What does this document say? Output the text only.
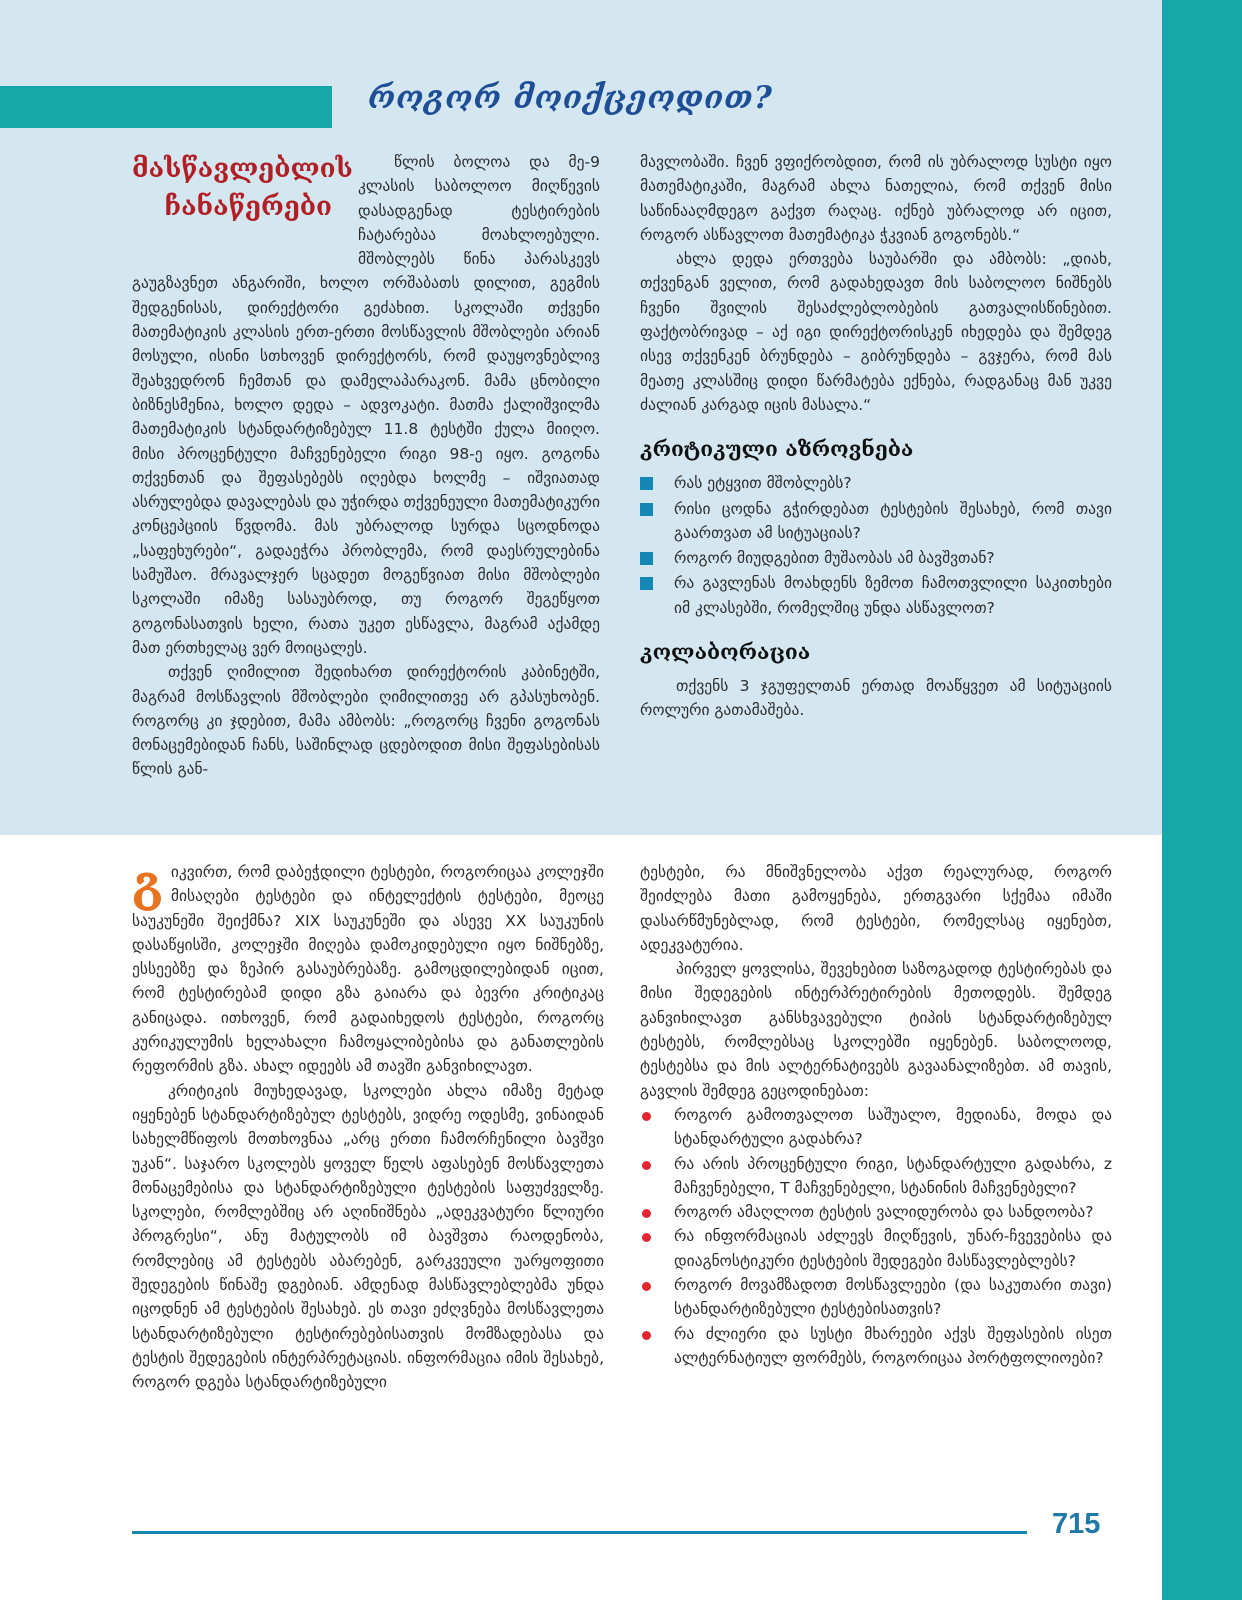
როგორ მოიქცეოდით?

წლის ბოლოა და მე-9 კლასის საბოლოო მიღწევის დასადგენად ტესტირების ჩატარებაა მოახლოებული. მშობლებს წინა პარასკევს გაუგზავნეთ ანგარიში, ხოლო ორშაბათს დილით, გეგმის შედგენისას, დირექტორი გეძახით. სკოლაში თქვენი მათემატიკის კლასის ერთ-ერთი მოსწავლის მშობლები არიან მოსული, ისინი სთხოვენ დირექტორს, რომ დაუყოვნებლივ შეახვედრონ ჩემთან და დამელაპარაკონ. მამა ცნობილი ბიზნესმენია, ხოლო დედა – ადვოკატი. მათმა ქალიშვილმა მათემატიკის სტანდარტიზებულ 11.8 ტესტში ქულა მიიღო. მისი პროცენტული მაჩვენებელი რიგი 98-ე იყო. გოგონა თქვენთან და შეფასებებს იღებდა ხოლმე – იშვიათად ასრულებდა დავალებას და უჭირდა თქვენეული მათემატიკური კონცეპციის წვდომა. მას უბრალოდ სურდა სცოდნოდა „საფეხურები“, გადაეჭრა პრობლემა, რომ დაესრულებინა სამუშაო. მრავალჯერ სცადეთ მოგეწვიათ მისი მშობლები სკოლაში იმაზე სასაუბროდ, თუ როგორ შეგეწყოთ გოგონასათვის ხელი, რათა უკეთ ესწავლა, მაგრამ აქამდე მათ ერთხელაც ვერ მოიცალეს.

თქვენ ღიმილით შედიხართ დირექტორის კაბინეტში, მაგრამ მოსწავლის მშობლები ღიმილითვე არ გპასუხობენ. როგორც კი ჯდებით, მამა ამბობს: „როგორც ჩვენი გოგონას მონაცემებიდან ჩანს, საშინლად ცდებოდით მისი შეფასებისას წლის გან-

მასწავლებლის
ჩანაწერები

მავლობაში. ჩვენ ვფიქრობდით, რომ ის უბრალოდ სუსტი იყო მათემატიკაში, მაგრამ ახლა ნათელია, რომ თქვენ მისი საწინააღმდეგო გაქვთ რაღაც. იქნებ უბრალოდ არ იცით, როგორ ასწავლოთ მათემატიკა ჭკვიან გოგონებს.“

ახლა დედა ერთვება საუბარში და ამბობს: „დიახ, თქვენგან ველით, რომ გადახედავთ მის საბოლოო ნიშნებს ჩვენი შვილის შესაძლებლობების გათვალისწინებით. ფაქტობრივად – აქ იგი დირექტორისკენ იხედება და შემდეგ ისევ თქვენკენ ბრუნდება – გიბრუნდება – გვჯერა, რომ მას მეათე კლასშიც დიდი წარმატება ექნება, რადგანაც მან უკვე ძალიან კარგად იცის მასალა.“

კრიტიკული აზროვნება
რას ეტყვით მშობლებს?
რისი ცოდნა გჭირდებათ ტესტების შესახებ, რომ თავი გაართვათ ამ სიტუაციას?
როგორ მიუდგებით მუშაობას ამ ბავშვთან?
რა გავლენას მოახდენს ზემოთ ჩამოთვლილი საკითხები იმ კლასებში, რომელშიც უნდა ასწავლოთ?
კოლაბორაცია

თქვენს 3 ჯგუფელთან ერთად მოაწყვეთ ამ სიტუაციის როლური გათამაშება.

გ იკვირთ, რომ დაბეჭდილი ტესტები, როგორიცაა კოლეჯში მისაღები ტესტები და ინტელექტის ტესტები, მეოცე საუკუნეში შეიქმნა? XIX საუკუნეში და ასევე XX საუკუნის დასაწყისში, კოლეჯში მიღება დამოკიდებული იყო ნიშნებზე, ესსეებზე და ზეპირ გასაუბრებაზე. გამოცდილებიდან იცით, რომ ტესტირებამ დიდი გზა გაიარა და ბევრი კრიტიკაც განიცადა. ითხოვენ, რომ გადაიხედოს ტესტები, როგორც კურიკულუმის ხელახალი ჩამოყალიბებისა და განათლების რეფორმის გზა. ახალ იდეებს ამ თავში განვიხილავთ.

კრიტიკის მიუხედავად, სკოლები ახლა იმაზე მეტად იყენებენ სტანდარტიზებულ ტესტებს, ვიდრე ოდესმე, ვინაიდან სახელმწიფოს მოთხოვნაა „არც ერთი ჩამორჩენილი ბავშვი უკან“. საჯარო სკოლებს ყოველ წელს აფასებენ მოსწავლეთა მონაცემებისა და სტანდარტიზებული ტესტების საფუძველზე. სკოლები, რომლებშიც არ აღინიშნება „ადეკვატური წლიური პროგრესი“, ანუ მატულობს იმ ბავშვთა რაოდენობა, რომლებიც ამ ტესტებს აბარებენ, გარკვეული უარყოფითი შედეგების წინაშე დგებიან. ამდენად მასწავლებლებმა უნდა იცოდნენ ამ ტესტების შესახებ. ეს თავი ეძღვნება მოსწავლეთა სტანდარტიზებული ტესტირებებისათვის მომზადებასა და ტესტის შედეგების ინტერპრეტაციას. ინფორმაცია იმის შესახებ, როგორ დგება სტანდარტიზებული

ტესტები, რა მნიშვნელობა აქვთ რეალურად, როგორ შეიძლება მათი გამოყენება, ერთგვარი სქემაა იმაში დასარწმუნებლად, რომ ტესტები, რომელსაც იყენებთ, ადეკვატურია.

პირველ ყოვლისა, შევეხებით საზოგადოდ ტესტირებას და მისი შედეგების ინტერპრეტირების მეთოდებს. შემდეგ განვიხილავთ განსხვავებული ტიპის სტანდარტიზებულ ტესტებს, რომლებსაც სკოლებში იყენებენ. საბოლოოდ, ტესტებსა და მის ალტერნატივებს გავაანალიზებთ. ამ თავის, გავლის შემდეგ გეცოდინებათ:

როგორ გამოთვალოთ საშუალო, მედიანა, მოდა და სტანდარტული გადახრა?
რა არის პროცენტული რიგი, სტანდარტული გადახრა, z მაჩვენებელი, T მაჩვენებელი, სტანინის მაჩვენებელი?
როგორ ამაღლოთ ტესტის ვალიდურობა და სანდოობა?
რა ინფორმაციას აძლევს მიღწევის, უნარ-ჩვევებისა და დიაგნოსტიკური ტესტების შედეგები მასწავლებლებს?
როგორ მოვამზადოთ მოსწავლეები (და საკუთარი თავი) სტანდარტიზებული ტესტებისათვის?
რა ძლიერი და სუსტი მხარეები აქვს შეფასების ისეთ ალტერნატიულ ფორმებს, როგორიცაა პორტფოლიოები?
715
